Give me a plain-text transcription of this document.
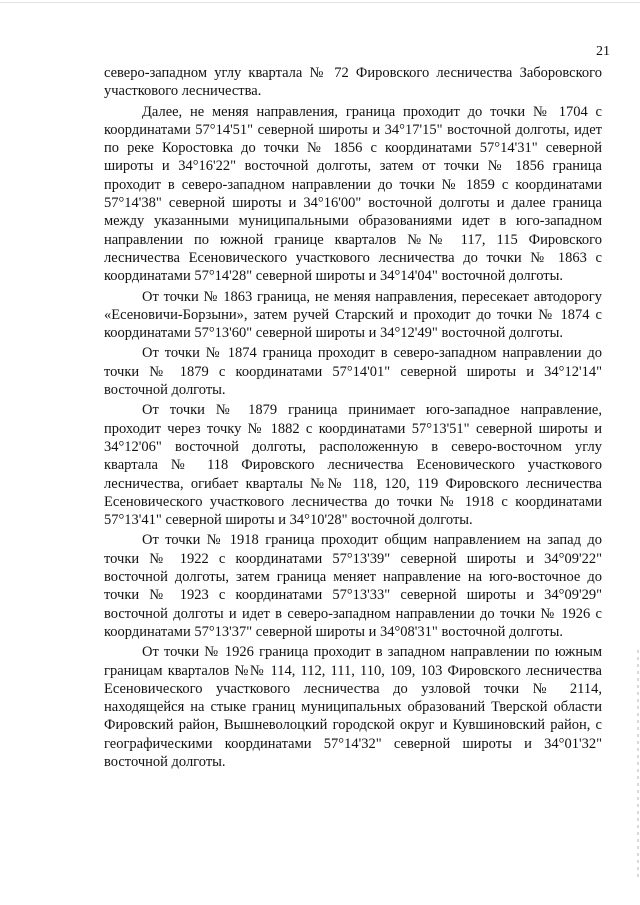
21

северо-западном углу квартала № 72 Фировского лесничества Заборовского участкового лесничества.

Далее, не меняя направления, граница проходит до точки № 1704 с координатами 57°14'51" северной широты и 34°17'15" восточной долготы, идет по реке Коростовка до точки № 1856 с координатами 57°14'31" северной широты и 34°16'22" восточной долготы, затем от точки № 1856 граница проходит в северо-западном направлении до точки № 1859 с координатами 57°14'38" северной широты и 34°16'00" восточной долготы и далее граница между указанными муниципальными образованиями идет в юго-западном направлении по южной границе кварталов №№ 117, 115 Фировского лесничества Есеновического участкового лесничества до точки № 1863 с координатами 57°14'28" северной широты и 34°14'04" восточной долготы.

От точки № 1863 граница, не меняя направления, пересекает автодорогу «Есеновичи-Борзыни», затем ручей Старский и проходит до точки № 1874 с координатами 57°13'60" северной широты и 34°12'49" восточной долготы.

От точки № 1874 граница проходит в северо-западном направлении до точки № 1879 с координатами 57°14'01" северной широты и 34°12'14" восточной долготы.

От точки № 1879 граница принимает юго-западное направление, проходит через точку № 1882 с координатами 57°13'51" северной широты и 34°12'06" восточной долготы, расположенную в северо-восточном углу квартала № 118 Фировского лесничества Есеновического участкового лесничества, огибает кварталы №№ 118, 120, 119 Фировского лесничества Есеновического участкового лесничества до точки № 1918 с координатами 57°13'41" северной широты и 34°10'28" восточной долготы.

От точки № 1918 граница проходит общим направлением на запад до точки № 1922 с координатами 57°13'39" северной широты и 34°09'22" восточной долготы, затем граница меняет направление на юго-восточное до точки № 1923 с координатами 57°13'33" северной широты и 34°09'29" восточной долготы и идет в северо-западном направлении до точки № 1926 с координатами 57°13'37" северной широты и 34°08'31" восточной долготы.

От точки № 1926 граница проходит в западном направлении по южным границам кварталов №№ 114, 112, 111, 110, 109, 103 Фировского лесничества Есеновического участкового лесничества до узловой точки № 2114, находящейся на стыке границ муниципальных образований Тверской области Фировский район, Вышневолоцкий городской округ и Кувшиновский район, с географическими координатами 57°14'32" северной широты и 34°01'32" восточной долготы.
